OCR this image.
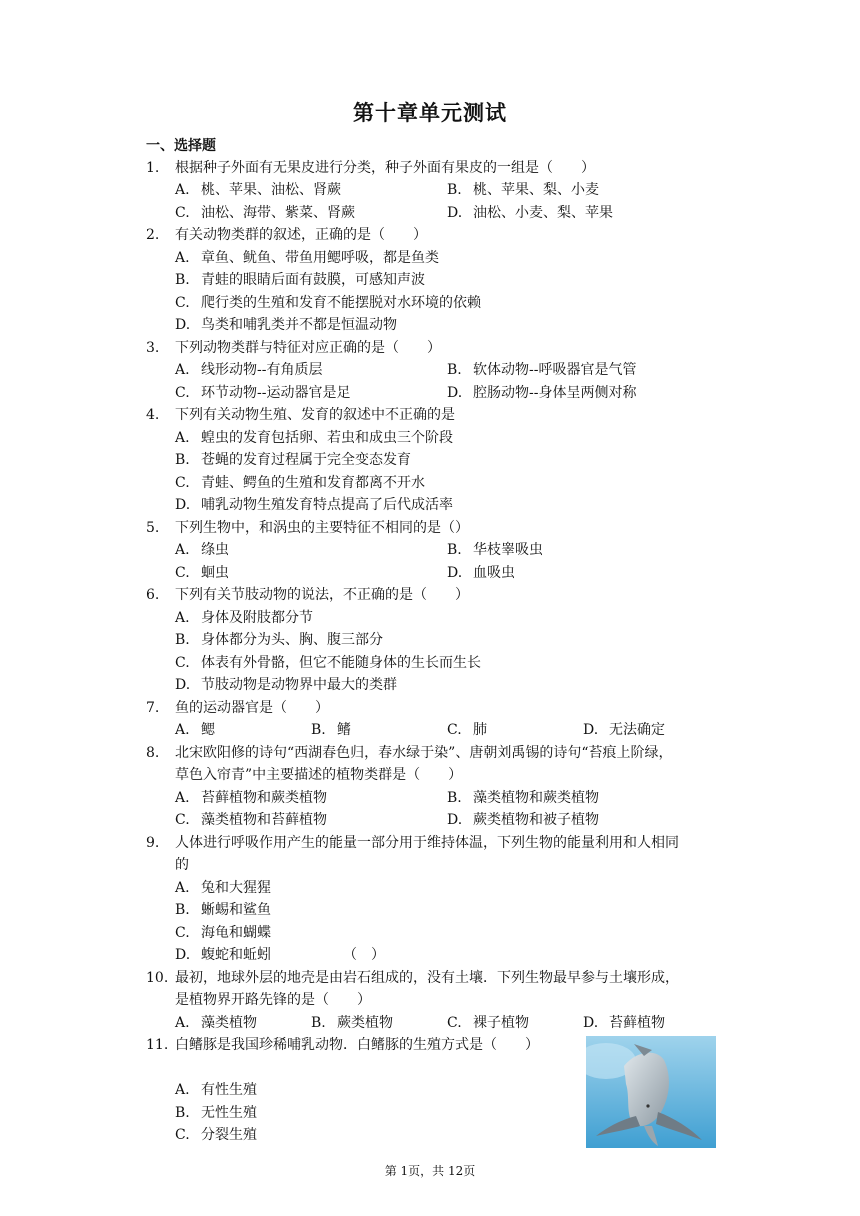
第十章单元测试
一、选择题
1. 根据种子外面有无果皮进行分类，种子外面有果皮的一组是（　　）
A. 桃、苹果、油松、肾蕨	B. 桃、苹果、梨、小麦
C. 油松、海带、紫菜、肾蕨	D. 油松、小麦、梨、苹果
2. 有关动物类群的叙述，正确的是（　　）
A. 章鱼、鱿鱼、带鱼用鳃呼吸，都是鱼类
B. 青蛙的眼睛后面有鼓膜，可感知声波
C. 爬行类的生殖和发育不能摆脱对水环境的依赖
D. 鸟类和哺乳类并不都是恒温动物
3. 下列动物类群与特征对应正确的是（　　）
A. 线形动物--有角质层	B. 软体动物--呼吸器官是气管
C. 环节动物--运动器官是足	D. 腔肠动物--身体呈两侧对称
4. 下列有关动物生殖、发育的叙述中不正确的是
A. 蝗虫的发育包括卵、若虫和成虫三个阶段
B. 苍蝇的发育过程属于完全变态发育
C. 青蛙、鳄鱼的生殖和发育都离不开水
D. 哺乳动物生殖发育特点提高了后代成活率
5. 下列生物中，和涡虫的主要特征不相同的是（）
A. 绦虫	B. 华枝睾吸虫
C. 蛔虫	D. 血吸虫
6. 下列有关节肢动物的说法，不正确的是（　　）
A. 身体及附肢都分节
B. 身体都分为头、胸、腹三部分
C. 体表有外骨骼，但它不能随身体的生长而生长
D. 节肢动物是动物界中最大的类群
7. 鱼的运动器官是（　　）
A. 鳃	B. 鳍	C. 肺	D. 无法确定
8. 北宋欧阳修的诗句“西湖春色归，春水绿于染”、唐朝刘禹锡的诗句“苔痕上阶绿，
草色入帘青”中主要描述的植物类群是（　　）
A. 苔藓植物和蕨类植物	B. 藻类植物和蕨类植物
C. 藻类植物和苔藓植物	D. 蕨类植物和被子植物
9. 人体进行呼吸作用产生的能量一部分用于维持体温，下列生物的能量利用和人相同
的
A. 兔和大猩猩
B. 蜥蜴和鲨鱼
C. 海龟和蝴蝶
D. 蝮蛇和蚯蚓	（　）
10. 最初，地球外层的地壳是由岩石组成的，没有土壤．下列生物最早参与土壤形成，
是植物界开路先锋的是（　　）
A. 藻类植物	B. 蕨类植物	C. 裸子植物	D. 苔藓植物
11. 白鳍豚是我国珍稀哺乳动物．白鳍豚的生殖方式是（　　）
A. 有性生殖
B. 无性生殖
C. 分裂生殖
第 1页，共 12页
